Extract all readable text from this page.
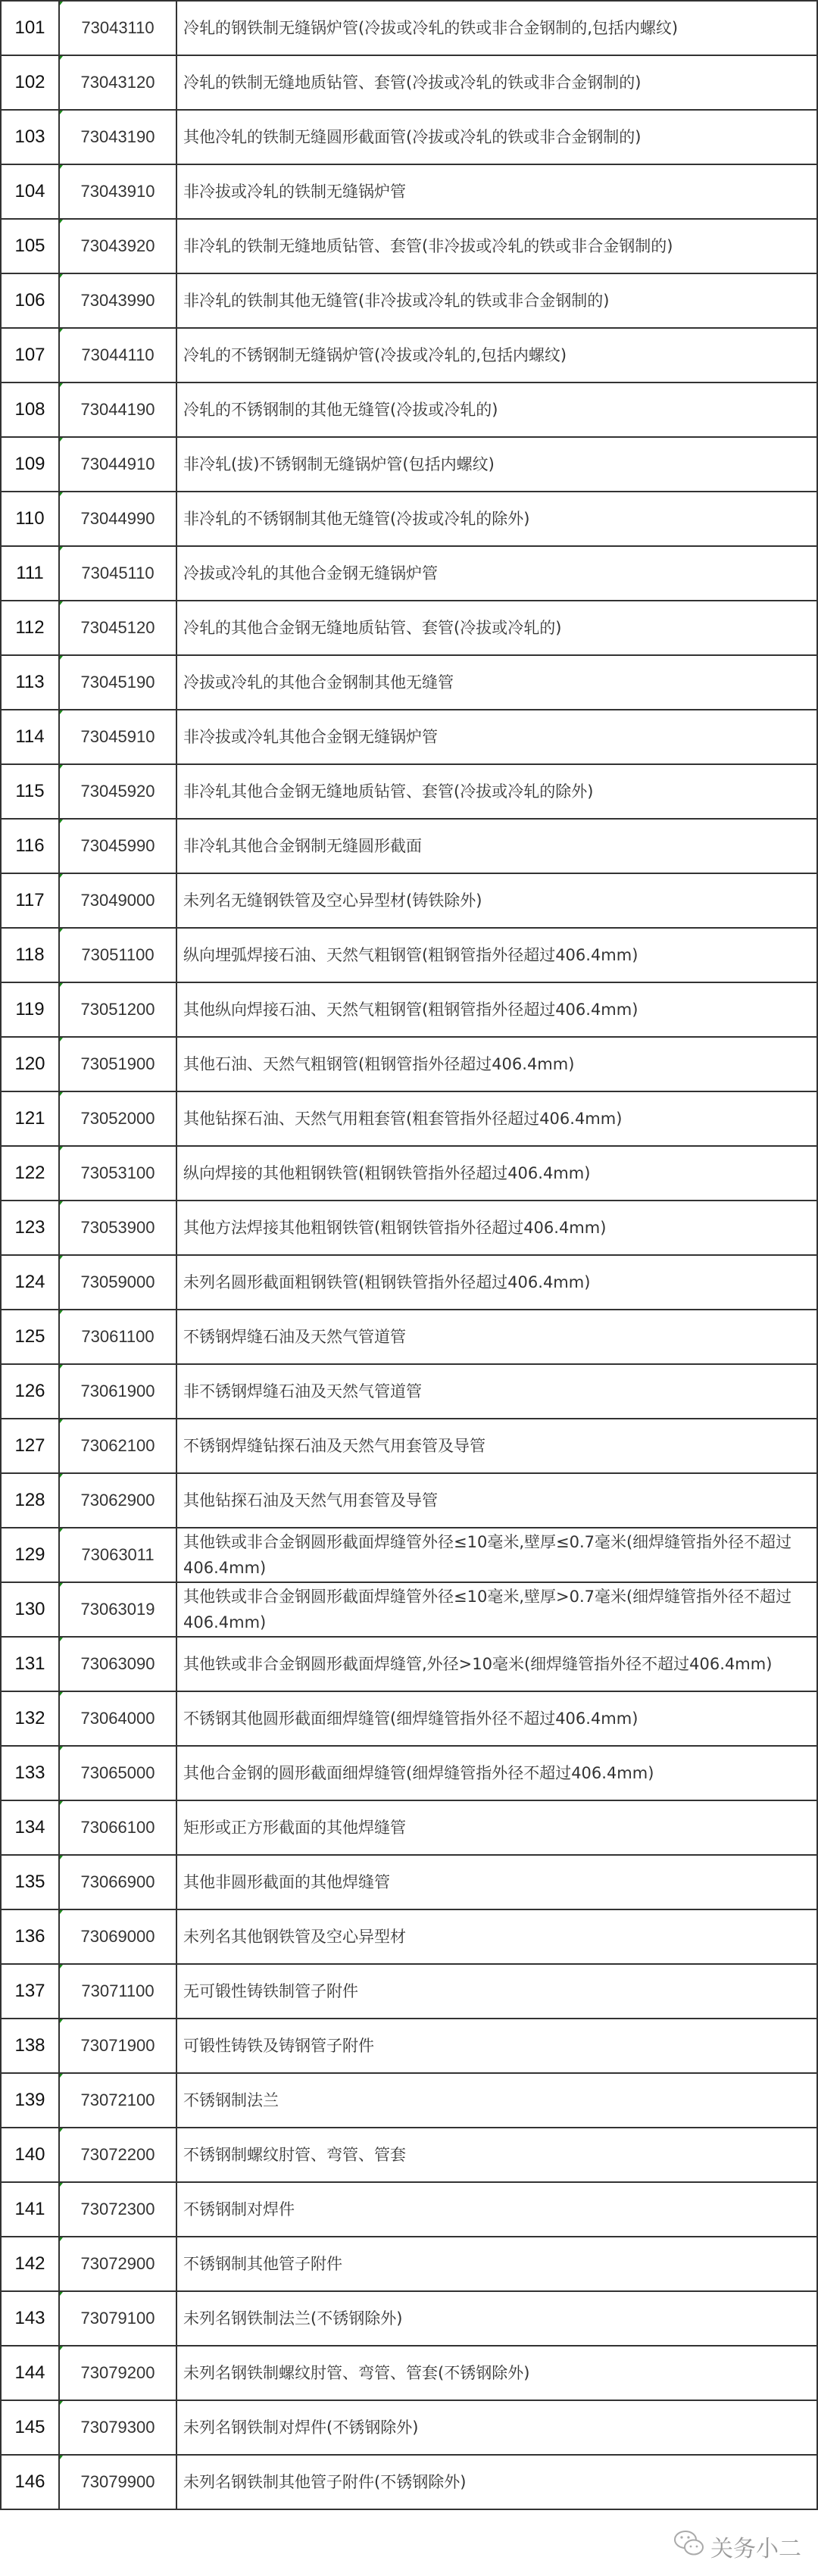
101	73043110	冷轧的钢铁制无缝锅炉管(冷拔或冷轧的铁或非合金钢制的,包括内螺纹)
102	73043120	冷轧的铁制无缝地质钻管、套管(冷拔或冷轧的铁或非合金钢制的)
103	73043190	其他冷轧的铁制无缝圆形截面管(冷拔或冷轧的铁或非合金钢制的)
104	73043910	非冷拔或冷轧的铁制无缝锅炉管
105	73043920	非冷轧的铁制无缝地质钻管、套管(非冷拔或冷轧的铁或非合金钢制的)
106	73043990	非冷轧的铁制其他无缝管(非冷拔或冷轧的铁或非合金钢制的)
107	73044110	冷轧的不锈钢制无缝锅炉管(冷拔或冷轧的,包括内螺纹)
108	73044190	冷轧的不锈钢制的其他无缝管(冷拔或冷轧的)
109	73044910	非冷轧(拔)不锈钢制无缝锅炉管(包括内螺纹)
110	73044990	非冷轧的不锈钢制其他无缝管(冷拔或冷轧的除外)
111	73045110	冷拔或冷轧的其他合金钢无缝锅炉管
112	73045120	冷轧的其他合金钢无缝地质钻管、套管(冷拔或冷轧的)
113	73045190	冷拔或冷轧的其他合金钢制其他无缝管
114	73045910	非冷拔或冷轧其他合金钢无缝锅炉管
115	73045920	非冷轧其他合金钢无缝地质钻管、套管(冷拔或冷轧的除外)
116	73045990	非冷轧其他合金钢制无缝圆形截面
117	73049000	未列名无缝钢铁管及空心异型材(铸铁除外)
118	73051100	纵向埋弧焊接石油、天然气粗钢管(粗钢管指外径超过406.4mm)
119	73051200	其他纵向焊接石油、天然气粗钢管(粗钢管指外径超过406.4mm)
120	73051900	其他石油、天然气粗钢管(粗钢管指外径超过406.4mm)
121	73052000	其他钻探石油、天然气用粗套管(粗套管指外径超过406.4mm)
122	73053100	纵向焊接的其他粗钢铁管(粗钢铁管指外径超过406.4mm)
123	73053900	其他方法焊接其他粗钢铁管(粗钢铁管指外径超过406.4mm)
124	73059000	未列名圆形截面粗钢铁管(粗钢铁管指外径超过406.4mm)
125	73061100	不锈钢焊缝石油及天然气管道管
126	73061900	非不锈钢焊缝石油及天然气管道管
127	73062100	不锈钢焊缝钻探石油及天然气用套管及导管
128	73062900	其他钻探石油及天然气用套管及导管
129	73063011	其他铁或非合金钢圆形截面焊缝管外径≤10毫米,壁厚≤0.7毫米(细焊缝管指外径不超过406.4mm)
130	73063019	其他铁或非合金钢圆形截面焊缝管外径≤10毫米,壁厚>0.7毫米(细焊缝管指外径不超过406.4mm)
131	73063090	其他铁或非合金钢圆形截面焊缝管,外径>10毫米(细焊缝管指外径不超过406.4mm)
132	73064000	不锈钢其他圆形截面细焊缝管(细焊缝管指外径不超过406.4mm)
133	73065000	其他合金钢的圆形截面细焊缝管(细焊缝管指外径不超过406.4mm)
134	73066100	矩形或正方形截面的其他焊缝管
135	73066900	其他非圆形截面的其他焊缝管
136	73069000	未列名其他钢铁管及空心异型材
137	73071100	无可锻性铸铁制管子附件
138	73071900	可锻性铸铁及铸钢管子附件
139	73072100	不锈钢制法兰
140	73072200	不锈钢制螺纹肘管、弯管、管套
141	73072300	不锈钢制对焊件
142	73072900	不锈钢制其他管子附件
143	73079100	未列名钢铁制法兰(不锈钢除外)
144	73079200	未列名钢铁制螺纹肘管、弯管、管套(不锈钢除外)
145	73079300	未列名钢铁制对焊件(不锈钢除外)
146	73079900	未列名钢铁制其他管子附件(不锈钢除外)
关务小二
